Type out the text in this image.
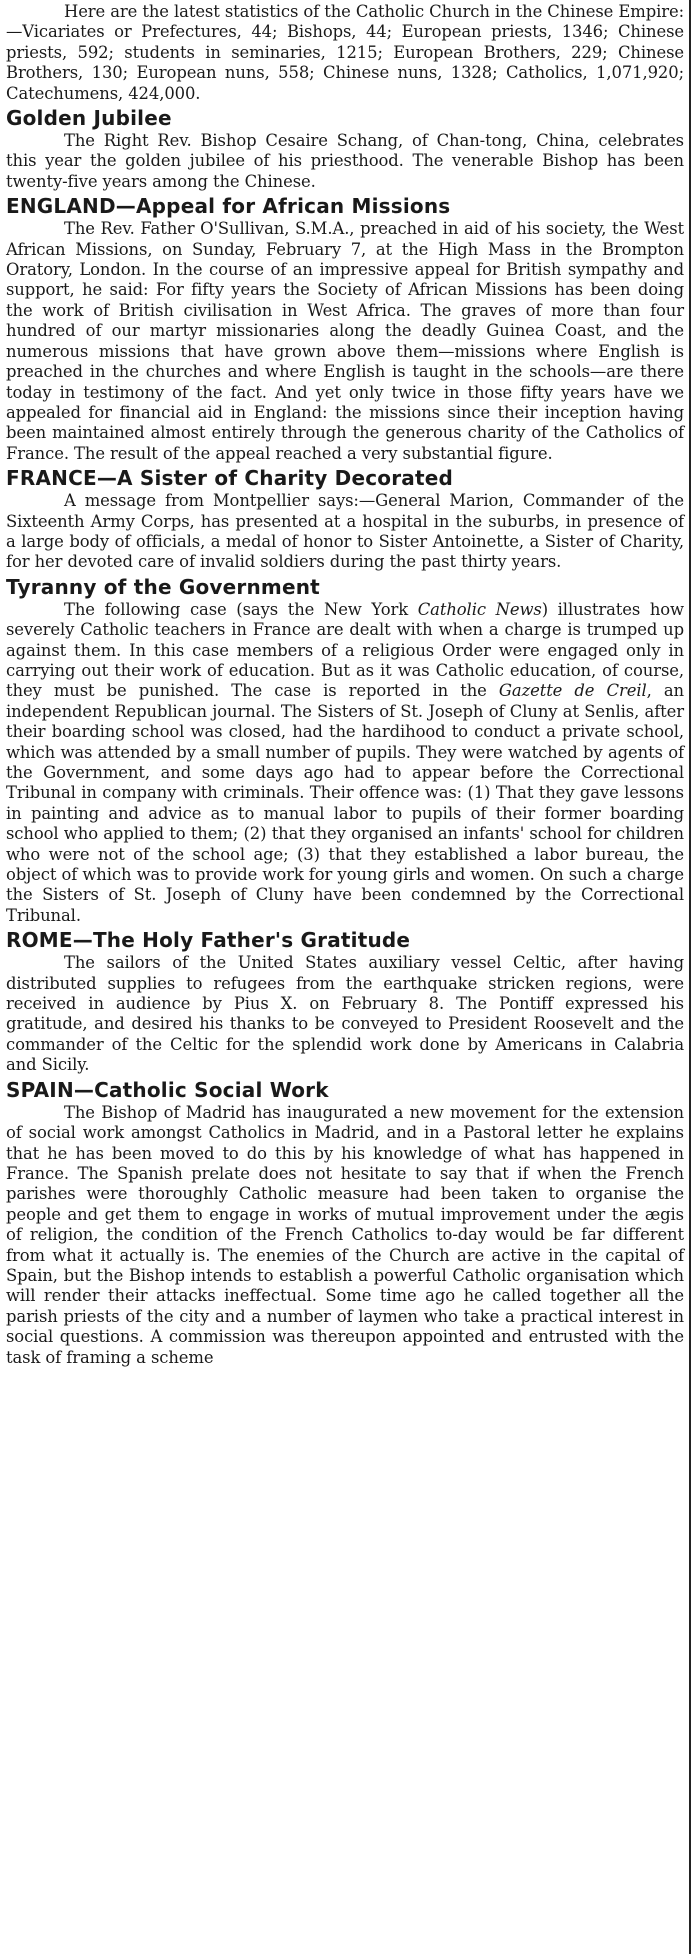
Here are the latest statistics of the Catholic Church in the Chinese Empire:—Vicariates or Prefectures, 44; Bishops, 44; European priests, 1346; Chinese priests, 592; students in seminaries, 1215; European Brothers, 229; Chinese Brothers, 130; European nuns, 558; Chinese nuns, 1328; Catholics, 1,071,920; Catechumens, 424,000.

Golden Jubilee

The Right Rev. Bishop Cesaire Schang, of Chan-tong, China, celebrates this year the golden jubilee of his priesthood. The venerable Bishop has been twenty-five years among the Chinese.

ENGLAND—Appeal for African Missions

The Rev. Father O'Sullivan, S.M.A., preached in aid of his society, the West African Missions, on Sunday, February 7, at the High Mass in the Brompton Oratory, London. In the course of an impressive appeal for British sympathy and support, he said: For fifty years the Society of African Missions has been doing the work of British civilisation in West Africa. The graves of more than four hundred of our martyr missionaries along the deadly Guinea Coast, and the numerous missions that have grown above them—missions where English is preached in the churches and where English is taught in the schools—are there today in testimony of the fact. And yet only twice in those fifty years have we appealed for financial aid in England: the missions since their inception having been maintained almost entirely through the generous charity of the Catholics of France. The result of the appeal reached a very substantial figure.

FRANCE—A Sister of Charity Decorated

A message from Montpellier says:—General Marion, Commander of the Sixteenth Army Corps, has presented at a hospital in the suburbs, in presence of a large body of officials, a medal of honor to Sister Antoinette, a Sister of Charity, for her devoted care of invalid soldiers during the past thirty years.

Tyranny of the Government

The following case (says the New York Catholic News) illustrates how severely Catholic teachers in France are dealt with when a charge is trumped up against them. In this case members of a religious Order were engaged only in carrying out their work of education. But as it was Catholic education, of course, they must be punished. The case is reported in the Gazette de Creil, an independent Republican journal. The Sisters of St. Joseph of Cluny at Senlis, after their boarding school was closed, had the hardihood to conduct a private school, which was attended by a small number of pupils. They were watched by agents of the Government, and some days ago had to appear before the Correctional Tribunal in company with criminals. Their offence was: (1) That they gave lessons in painting and advice as to manual labor to pupils of their former boarding school who applied to them; (2) that they organised an infants' school for children who were not of the school age; (3) that they established a labor bureau, the object of which was to provide work for young girls and women. On such a charge the Sisters of St. Joseph of Cluny have been condemned by the Correctional Tribunal.

ROME—The Holy Father's Gratitude

The sailors of the United States auxiliary vessel Celtic, after having distributed supplies to refugees from the earthquake stricken regions, were received in audience by Pius X. on February 8. The Pontiff expressed his gratitude, and desired his thanks to be conveyed to President Roosevelt and the commander of the Celtic for the splendid work done by Americans in Calabria and Sicily.

SPAIN—Catholic Social Work

The Bishop of Madrid has inaugurated a new movement for the extension of social work amongst Catholics in Madrid, and in a Pastoral letter he explains that he has been moved to do this by his knowledge of what has happened in France. The Spanish prelate does not hesitate to say that if when the French parishes were thoroughly Catholic measure had been taken to organise the people and get them to engage in works of mutual improvement under the ægis of religion, the condition of the French Catholics to-day would be far different from what it actually is. The enemies of the Church are active in the capital of Spain, but the Bishop intends to establish a powerful Catholic organisation which will render their attacks ineffectual. Some time ago he called together all the parish priests of the city and a number of laymen who take a practical interest in social questions. A commission was thereupon appointed and entrusted with the task of framing a scheme
